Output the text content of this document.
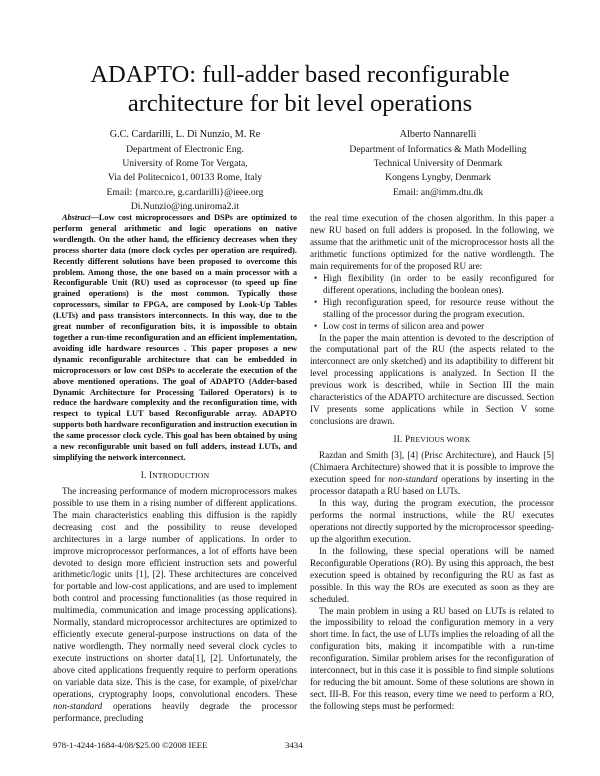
ADAPTO: full-adder based reconfigurable architecture for bit level operations
G.C. Cardarilli, L. Di Nunzio, M. Re
Department of Electronic Eng.
University of Rome Tor Vergata,
Via del Politecnico1, 00133 Rome, Italy
Email: {marco.re, g.cardarilli}@ieee.org
Di.Nunzio@ing.uniroma2.it
Alberto Nannarelli
Department of Informatics & Math Modelling
Technical University of Denmark
Kongens Lyngby, Denmark
Email: an@imm.dtu.dk

Abstract—Low cost microprocessors and DSPs are optimized to perform general arithmetic and logic operations on native wordlength. On the other hand, the efficiency decreases when they process shorter data (more clock cycles per operation are required). Recently different solutions have been proposed to overcome this problem. Among those, the one based on a main processor with a Reconfigurable Unit (RU) used as coprocessor (to speed up fine grained operations) is the most common. Typically those coprocessors, similar to FPGA, are composed by Look-Up Tables (LUTs) and pass transistors interconnects. In this way, due to the great number of reconfiguration bits, it is impossible to obtain together a run-time reconfiguration and an efficient implementation, avoiding idle hardware resources . This paper proposes a new dynamic reconfigurable architecture that can be embedded in microprocessors or low cost DSPs to accelerate the execution of the above mentioned operations. The goal of ADAPTO (Adder-based Dynamic Architecture for Processing Tailored Operators) is to reduce the hardware complexity and the reconfiguration time, with respect to typical LUT based Reconfigurable array. ADAPTO supports both hardware reconfiguration and instruction execution in the same processor clock cycle. This goal has been obtained by using a new reconfigurable unit based on full adders, instead LUTs, and simplifying the network interconnect.

I. INTRODUCTION

The increasing performance of modern microprocessors makes possible to use them in a rising number of different applications. The main characteristics enabling this diffusion is the rapidly decreasing cost and the possibility to reuse developed architectures in a large number of applications. In order to improve microprocessor performances, a lot of efforts have been devoted to design more efficient instruction sets and powerful arithmetic/logic units [1], [2]. These architectures are conceived for portable and low-cost applications, and are used to implement both control and processing functionalities (as those required in multimedia, communication and image processing applications). Normally, standard microprocessor architectures are optimized to efficiently execute general-purpose instructions on data of the native wordlength. They normally need several clock cycles to execute instructions on shorter data[1], [2]. Unfortunately, the above cited applications frequently require to perform operations on variable data size. This is the case, for example, of pixel/char operations, cryptography loops, convolutional encoders. These non-standard operations heavily degrade the processor performance, precluding

the real time execution of the chosen algorithm. In this paper a new RU based on full adders is proposed. In the following, we assume that the arithmetic unit of the microprocessor hosts all the arithmetic functions optimized for the native wordlength. The main requirements for of the proposed RU are:

• High flexibility (in order to be easily reconfigured for different operations, including the boolean ones).
• High reconfiguration speed, for resource reuse without the stalling of the processor during the program execution.
• Low cost in terms of silicon area and power

In the paper the main attention is devoted to the description of the computational part of the RU (the aspects related to the interconnect are only sketched) and its adaptibility to different bit level processing applications is analyzed. In Section II the previous work is described, while in Section III the main characteristics of the ADAPTO architecture are discussed. Section IV presents some applications while in Section V some conclusions are drawn.

II. PREVIOUS WORK

Razdan and Smith [3], [4] (Prisc Architecture), and Hauck [5] (Chimaera Architecture) showed that it is possible to improve the execution speed for non-standard operations by inserting in the processor datapath a RU based on LUTs.

In this way, during the program execution, the processor performs the normal instructions, while the RU executes operations not directly supported by the microprocessor speeding-up the algorithm execution.

In the following, these special operations will be named Reconfigurable Operations (RO). By using this approach, the best execution speed is obtained by reconfiguring the RU as fast as possible. In this way the ROs are executed as soon as they are scheduled.

The main problem in using a RU based on LUTs is related to the impossibility to reload the configuration memory in a very short time. In fact, the use of LUTs implies the reloading of all the configuration bits, making it incompatible with a run-time reconfiguration. Similar problem arises for the reconfiguration of interconnect, but in this case it is possible to find simple solutions for reducing the bit amount. Some of these solutions are shown in sect. III-B. For this reason, every time we need to perform a RO, the following steps must be performed:

978-1-4244-1684-4/08/$25.00 ©2008 IEEE	3434
